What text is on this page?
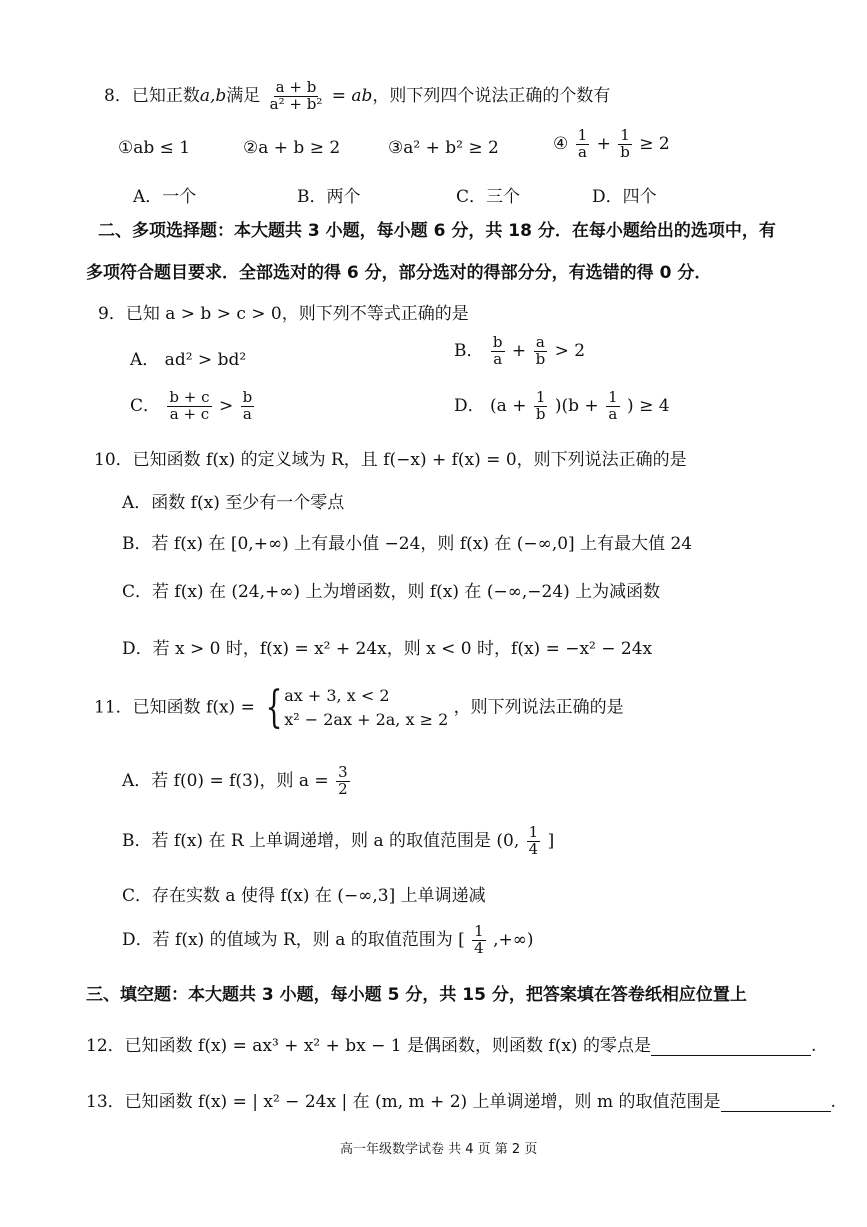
8．已知正数a,b满足 $\frac{a + b}{\text{a² + b²}}$ = ab，则下列四个说法正确的个数有
①ab ≤ 1	②a + b ≥ 2	③a² + b² ≥ 2	④ $\frac{1}{a} + \frac{1}{b} \ge 2$
A．一个	B．两个	C．三个	D．四个
二、多项选择题：本大题共 3 小题，每小题 6 分，共 18 分．在每小题给出的选项中，有
多项符合题目要求．全部选对的得 6 分，部分选对的得部分分，有选错的得 0 分．
9．已知 a > b > c > 0，则下列不等式正确的是
A． ad² > bd²	B． $\frac{b}{a} + \frac{a}{b} > 2$
C． $\frac{b + c}{a + c} > \frac{b}{a}$	D． $(a + \frac{1}{b} )(b + \frac{1}{a}$ ) ≥ 4
10．已知函数 f(x) 的定义域为 R，且 f(−x) + f(x) = 0，则下列说法正确的是
A．函数 f(x) 至少有一个零点
B．若 f(x) 在 [0,+∞) 上有最小值 −24，则 f(x) 在 (−∞,0] 上有最大值 24
C．若 f(x) 在 (24,+∞) 上为增函数，则 f(x) 在 (−∞,−24) 上为减函数
D．若 x > 0 时，f(x) = x² + 24x，则 x < 0 时，f(x) = −x² − 24x
11．已知函数 f(x) = { ax + 3, x < 2
x² − 2ax + 2a, x ≥ 2
，则下列说法正确的是
A．若 f(0) = f(3)，则 $a = \frac{3}{2}$
B．若 f(x) 在 R 上单调递增，则 a 的取值范围是 (0, $\frac{1}{4}$ ]
C．存在实数 a 使得 f(x) 在 (−∞,3] 上单调递减
D．若 f(x) 的值域为 R，则 a 的取值范围为 [ $\frac{1}{4}$ ,+∞)
三、填空题：本大题共 3 小题，每小题 5 分，共 15 分，把答案填在答卷纸相应位置上
12．已知函数 f(x) = ax³ + x² + bx − 1 是偶函数，则函数 f(x) 的零点是	.
13．已知函数 f(x) = | x² − 24x | 在 (m, m + 2) 上单调递增，则 m 的取值范围是	.
高一年级数学试卷 共 4 页 第 2 页
